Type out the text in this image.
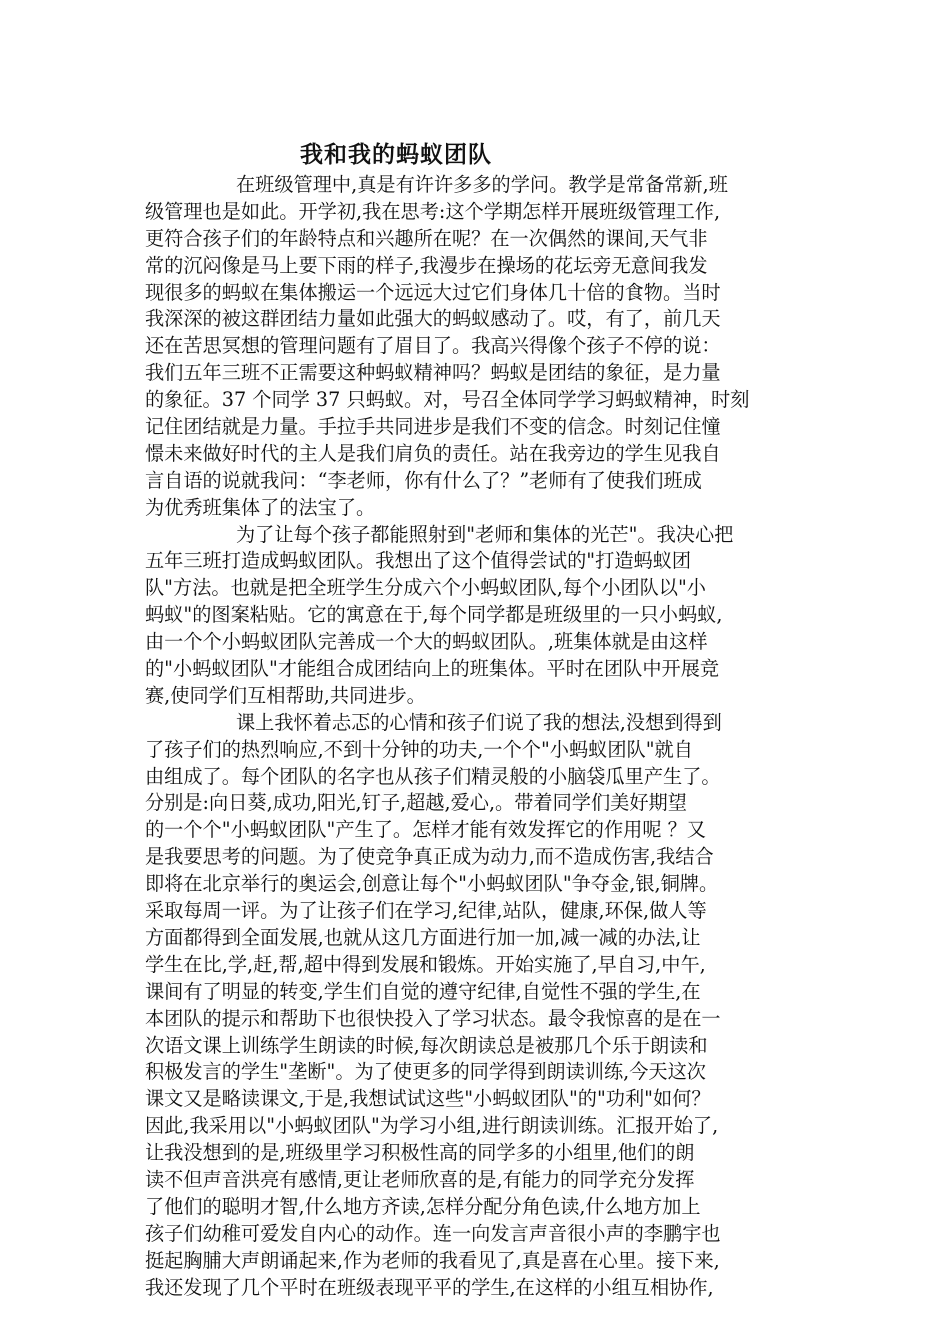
我和我的蚂蚁团队
在班级管理中,真是有许许多多的学问。教学是常备常新,班
级管理也是如此。开学初,我在思考:这个学期怎样开展班级管理工作,
更符合孩子们的年龄特点和兴趣所在呢？在一次偶然的课间,天气非
常的沉闷像是马上要下雨的样子,我漫步在操场的花坛旁无意间我发
现很多的蚂蚁在集体搬运一个远远大过它们身体几十倍的食物。当时
我深深的被这群团结力量如此强大的蚂蚁感动了。哎，有了，前几天
还在苦思冥想的管理问题有了眉目了。我高兴得像个孩子不停的说：
我们五年三班不正需要这种蚂蚁精神吗？蚂蚁是团结的象征，是力量
的象征。37 个同学 37 只蚂蚁。对，号召全体同学学习蚂蚁精神，时刻
记住团结就是力量。手拉手共同进步是我们不变的信念。时刻记住憧
憬未来做好时代的主人是我们肩负的责任。站在我旁边的学生见我自
言自语的说就我问：“李老师，你有什么了？”老师有了使我们班成
为优秀班集体了的法宝了。
为了让每个孩子都能照射到"老师和集体的光芒"。我决心把
五年三班打造成蚂蚁团队。我想出了这个值得尝试的"打造蚂蚁团
队"方法。也就是把全班学生分成六个小蚂蚁团队,每个小团队以"小
蚂蚁"的图案粘贴。它的寓意在于,每个同学都是班级里的一只小蚂蚁,
由一个个小蚂蚁团队完善成一个大的蚂蚁团队。,班集体就是由这样
的"小蚂蚁团队"才能组合成团结向上的班集体。平时在团队中开展竞
赛,使同学们互相帮助,共同进步。
课上我怀着忐忑的心情和孩子们说了我的想法,没想到得到
了孩子们的热烈响应,不到十分钟的功夫,一个个"小蚂蚁团队"就自
由组成了。每个团队的名字也从孩子们精灵般的小脑袋瓜里产生了。
分别是:向日葵,成功,阳光,钉子,超越,爱心,。带着同学们美好期望
的一个个"小蚂蚁团队"产生了。怎样才能有效发挥它的作用呢 ？又
是我要思考的问题。为了使竞争真正成为动力,而不造成伤害,我结合
即将在北京举行的奥运会,创意让每个"小蚂蚁团队"争夺金,银,铜牌。
采取每周一评。为了让孩子们在学习,纪律,站队，健康,环保,做人等
方面都得到全面发展,也就从这几方面进行加一加,减一减的办法,让
学生在比,学,赶,帮,超中得到发展和锻炼。开始实施了,早自习,中午,
课间有了明显的转变,学生们自觉的遵守纪律,自觉性不强的学生,在
本团队的提示和帮助下也很快投入了学习状态。最令我惊喜的是在一
次语文课上训练学生朗读的时候,每次朗读总是被那几个乐于朗读和
积极发言的学生"垄断"。为了使更多的同学得到朗读训练,今天这次
课文又是略读课文,于是,我想试试这些"小蚂蚁团队"的"功利"如何？
因此,我采用以"小蚂蚁团队"为学习小组,进行朗读训练。汇报开始了,
让我没想到的是,班级里学习积极性高的同学多的小组里,他们的朗
读不但声音洪亮有感情,更让老师欣喜的是,有能力的同学充分发挥
了他们的聪明才智,什么地方齐读,怎样分配分角色读,什么地方加上
孩子们幼稚可爱发自内心的动作。连一向发言声音很小声的李鹏宇也
挺起胸脯大声朗诵起来,作为老师的我看见了,真是喜在心里。接下来,
我还发现了几个平时在班级表现平平的学生,在这样的小组互相协作,
